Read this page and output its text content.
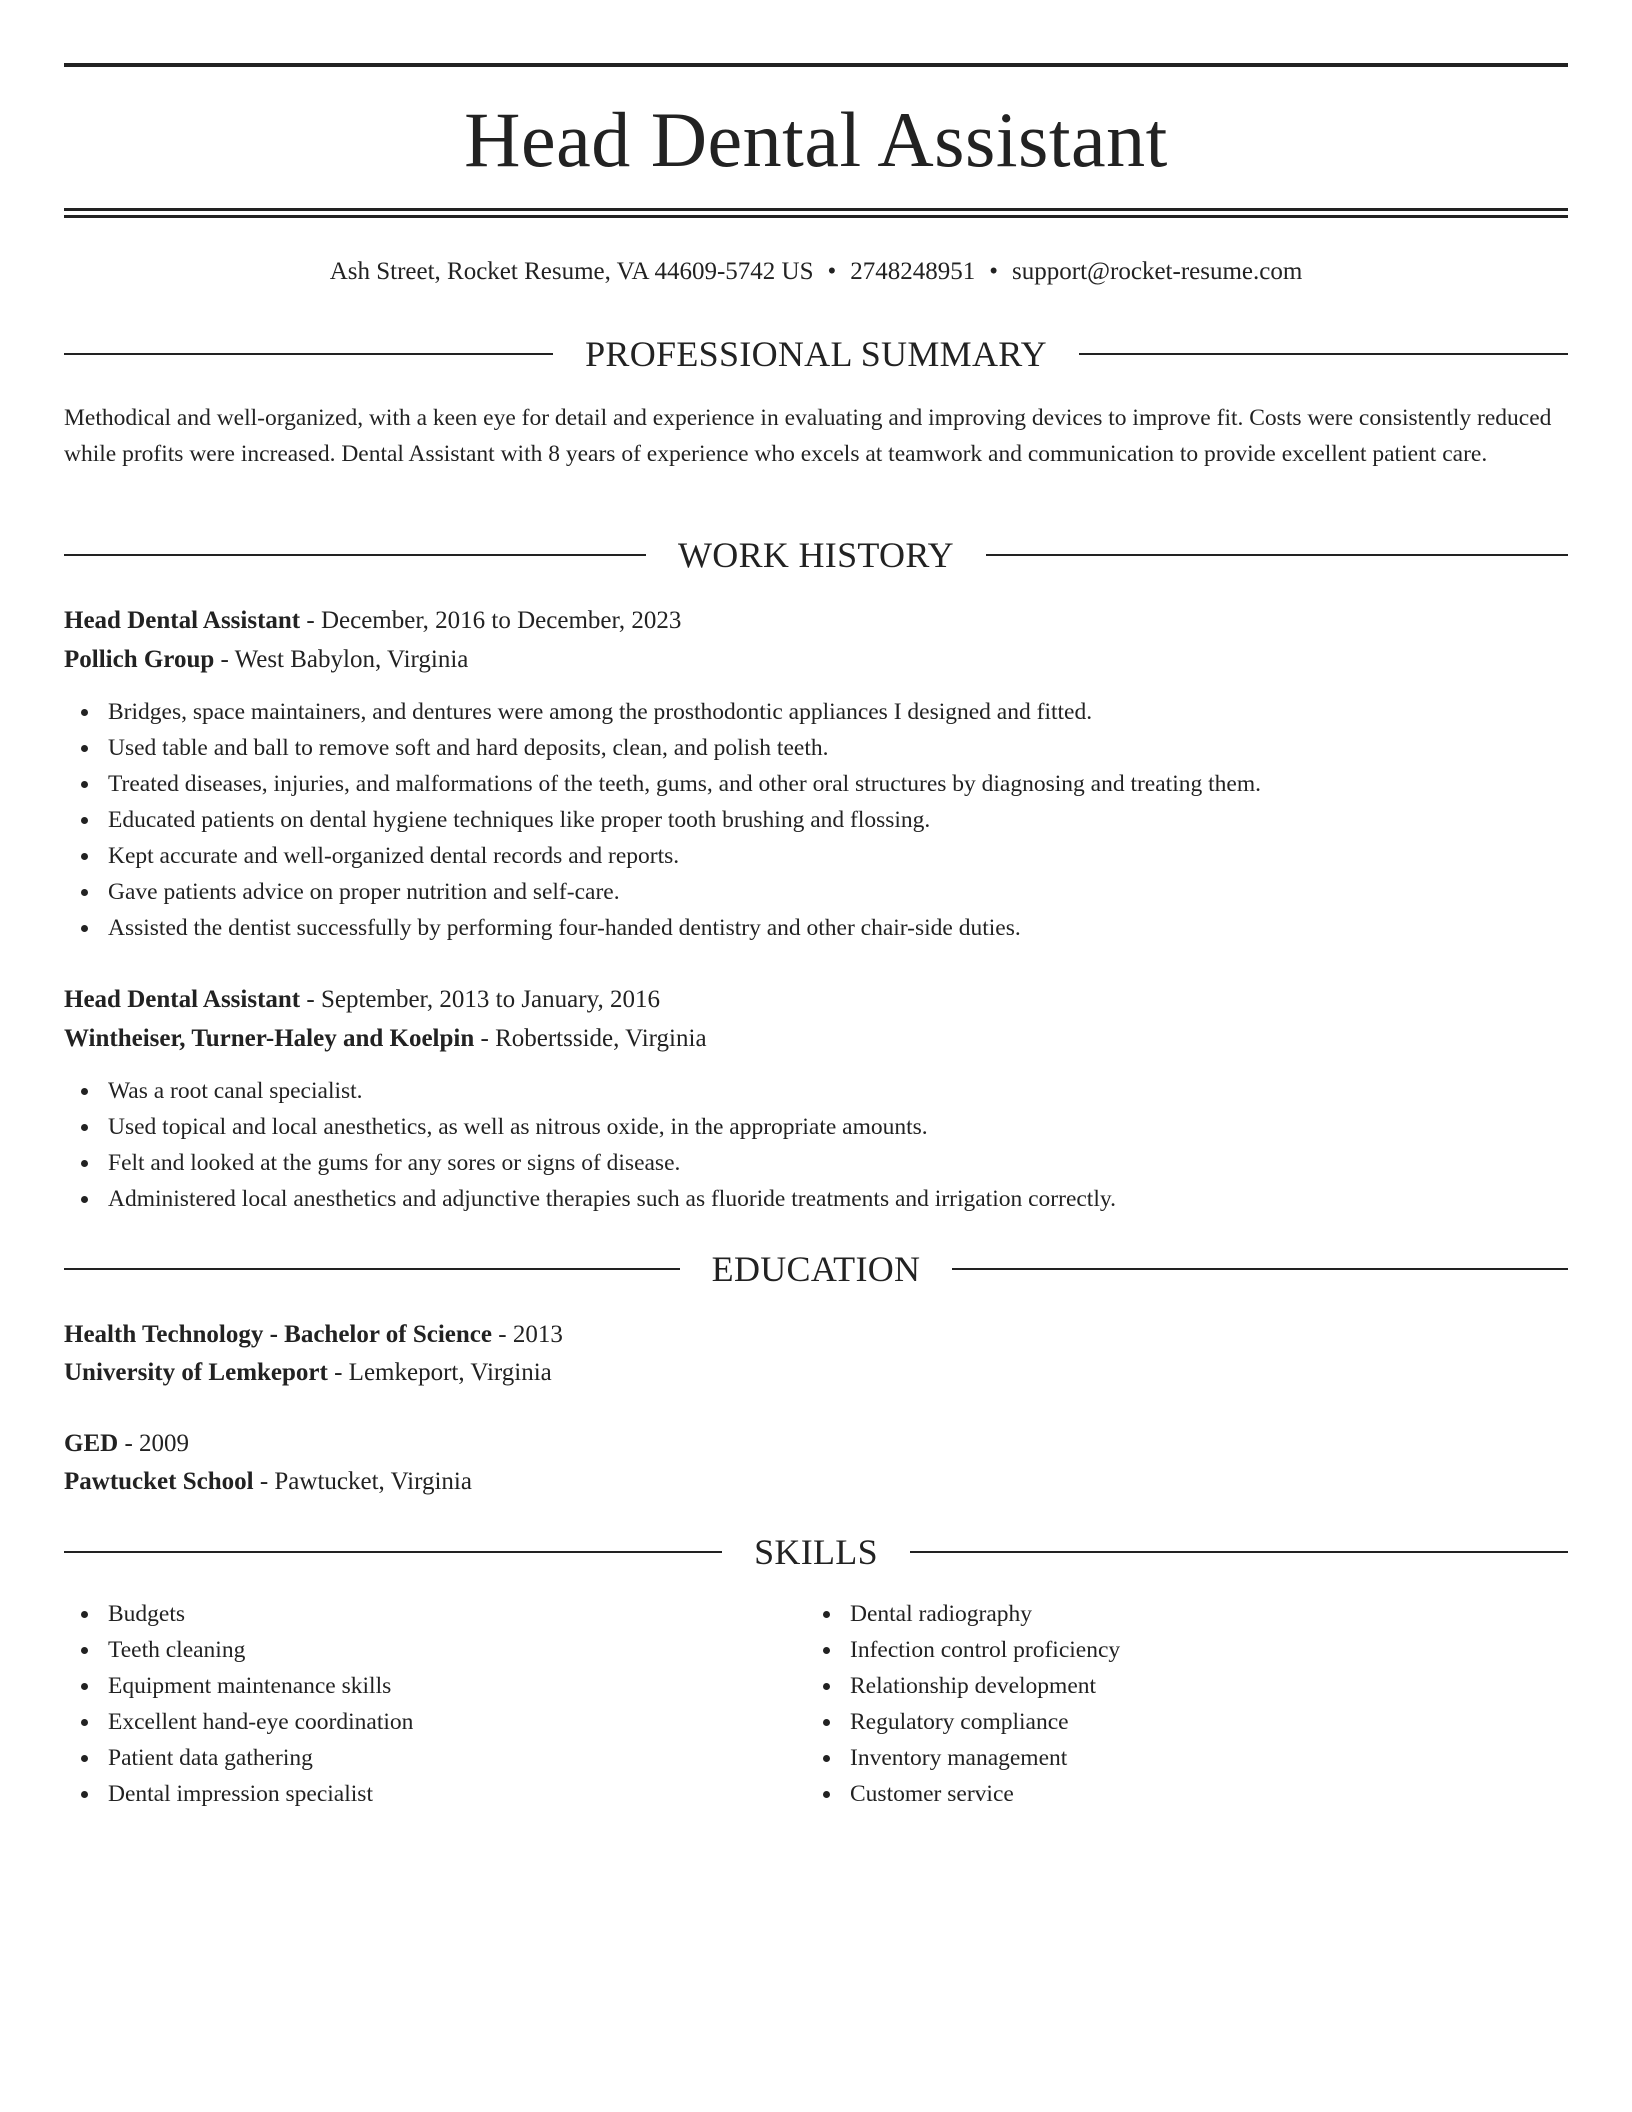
Head Dental Assistant
Ash Street, Rocket Resume, VA 44609-5742 US • 2748248951 • support@rocket-resume.com
PROFESSIONAL SUMMARY

Methodical and well-organized, with a keen eye for detail and experience in evaluating and improving devices to improve fit. Costs were consistently reduced while profits were increased. Dental Assistant with 8 years of experience who excels at teamwork and communication to provide excellent patient care.

WORK HISTORY
Head Dental Assistant - December, 2016 to December, 2023
Pollich Group - West Babylon, Virginia
Bridges, space maintainers, and dentures were among the prosthodontic appliances I designed and fitted.
Used table and ball to remove soft and hard deposits, clean, and polish teeth.
Treated diseases, injuries, and malformations of the teeth, gums, and other oral structures by diagnosing and treating them.
Educated patients on dental hygiene techniques like proper tooth brushing and flossing.
Kept accurate and well-organized dental records and reports.
Gave patients advice on proper nutrition and self-care.
Assisted the dentist successfully by performing four-handed dentistry and other chair-side duties.
Head Dental Assistant - September, 2013 to January, 2016
Wintheiser, Turner-Haley and Koelpin - Robertsside, Virginia
Was a root canal specialist.
Used topical and local anesthetics, as well as nitrous oxide, in the appropriate amounts.
Felt and looked at the gums for any sores or signs of disease.
Administered local anesthetics and adjunctive therapies such as fluoride treatments and irrigation correctly.
EDUCATION
Health Technology - Bachelor of Science - 2013
University of Lemkeport - Lemkeport, Virginia
GED - 2009
Pawtucket School - Pawtucket, Virginia
SKILLS
Budgets
Teeth cleaning
Equipment maintenance skills
Excellent hand-eye coordination
Patient data gathering
Dental impression specialist
Dental radiography
Infection control proficiency
Relationship development
Regulatory compliance
Inventory management
Customer service
